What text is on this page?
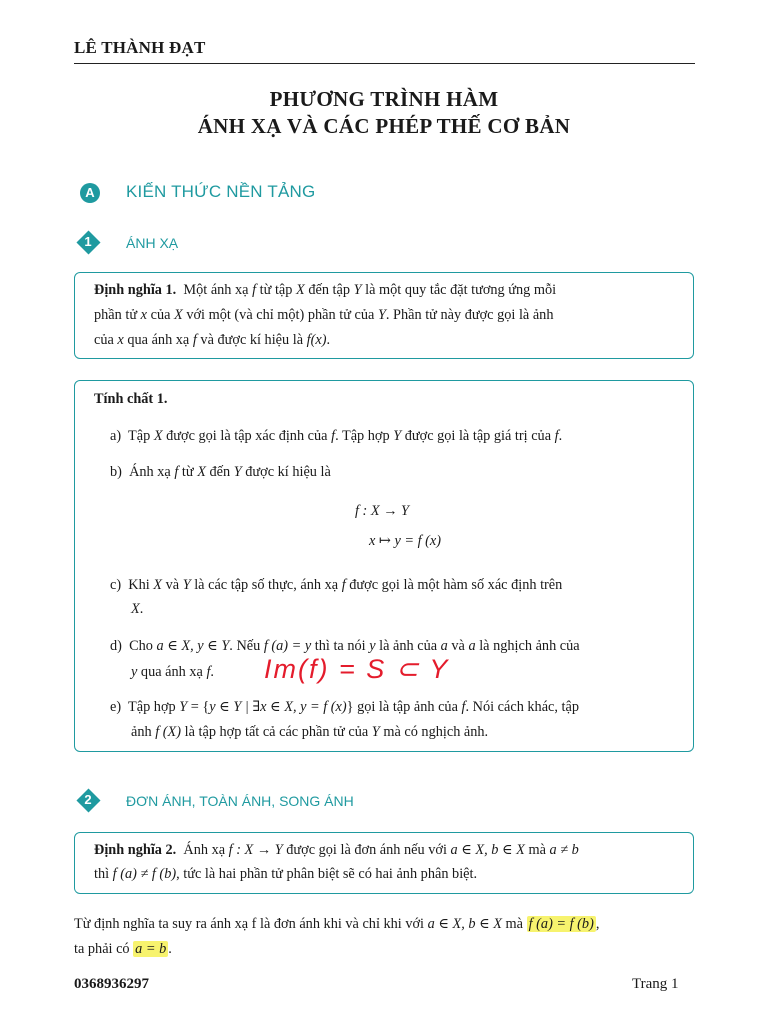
LÊ THÀNH ĐẠT
PHƯƠNG TRÌNH HÀM
ÁNH XẠ VÀ CÁC PHÉP THẾ CƠ BẢN
A	KIẾN THỨC NỀN TẢNG
1	ÁNH XẠ
Định nghĩa 1. Một ánh xạ f từ tập X đến tập Y là một quy tắc đặt tương ứng mỗi
phần tử x của X với một (và chỉ một) phần tử của Y. Phần tử này được gọi là ảnh
của x qua ánh xạ f và được kí hiệu là f(x).
Tính chất 1.
a) Tập X được gọi là tập xác định của f. Tập hợp Y được gọi là tập giá trị của f.
b) Ánh xạ f từ X đến Y được kí hiệu là
f : X → Y
x ↦ y = f (x)
c) Khi X và Y là các tập số thực, ánh xạ f được gọi là một hàm số xác định trên
X.
d) Cho a ∈ X, y ∈ Y. Nếu f (a) = y thì ta nói y là ảnh của a và a là nghịch ảnh của
y qua ánh xạ f. Im(f) = S ⊂ Y
e) Tập hợp Y = {y ∈ Y | ∃x ∈ X, y = f (x)} gọi là tập ảnh của f. Nói cách khác, tập
ảnh f (X) là tập hợp tất cả các phần tử của Y mà có nghịch ảnh.
2	ĐƠN ÁNH, TOÀN ÁNH, SONG ÁNH
Định nghĩa 2. Ánh xạ f : X → Y được gọi là đơn ánh nếu với a ∈ X, b ∈ X mà a ≠ b
thì f (a) ≠ f (b), tức là hai phần tử phân biệt sẽ có hai ảnh phân biệt.
Từ định nghĩa ta suy ra ánh xạ f là đơn ánh khi và chỉ khi với a ∈ X, b ∈ X mà f (a) = f (b) ,
ta phải có a = b .
0368936297	Trang 1
